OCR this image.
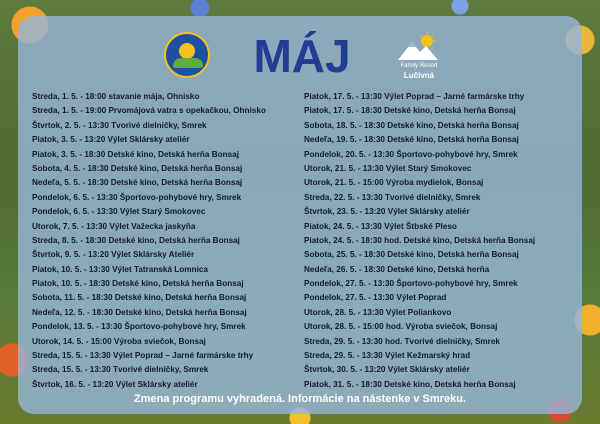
MÁJ	Family Resort
Lučivná
Streda, 1. 5. - 18:00 stavanie mája, Ohnisko
Streda, 1. 5. - 19:00 Prvomájová vatra s opekačkou, Ohnisko
Štvrtok, 2. 5. - 13:30 Tvorivé dielničky, Smrek
Piatok, 3. 5. - 13:20 Výlet Sklársky ateliér
Piatok, 3. 5. - 18:30 Detské kino, Detská herňa Bonsaj
Sobota, 4. 5. - 18:30 Detské kino, Detská herňa Bonsaj
Nedeľa, 5. 5. - 18:30 Detské kino, Detská herňa Bonsaj
Pondelok, 6. 5. - 13:30 Športovo-pohybové hry, Smrek
Pondelok, 6. 5. - 13:30 Výlet Starý Smokovec
Utorok, 7. 5. - 13:30 Výlet Važecka jaskyňa
Streda, 8. 5. - 18:30 Detské kino, Detská herňa Bonsaj
Štvrtok, 9. 5. - 13:20 Výlet Sklársky Ateliér
Piatok, 10. 5. - 13:30 Výlet Tatranská Lomnica
Piatok, 10. 5. - 18:30 Detské kino, Detská herňa Bonsaj
Sobota, 11. 5. - 18:30 Detské kino, Detská herňa Bonsaj
Nedeľa, 12. 5. - 18:30 Detské kino, Detská herňa Bonsaj
Pondelok, 13. 5. - 13:30 Športovo-pohybové hry, Smrek
Utorok, 14. 5. - 15:00 Výroba sviečok, Bonsaj
Streda, 15. 5. - 13:30 Výlet Poprad – Jarné farmárske trhy
Streda, 15. 5. - 13:30 Tvorivé dielničky, Smrek
Štvrtok, 16. 5. - 13:20 Výlet Sklársky ateliér
Piatok, 17. 5. - 13:30 Výlet Poprad – Jarné farmárske trhy
Piatok, 17. 5. - 18:30 Detské kino, Detská herňa Bonsaj
Sobota, 18. 5. - 18:30 Detské kino, Detská herňa Bonsaj
Nedeľa, 19. 5. - 18:30 Detské kino, Detská herňa Bonsaj
Pondelok, 20. 5. - 13:30 Športovo-pohybové hry, Smrek
Utorok, 21. 5. - 13:30 Výlet Starý Smokovec
Utorok, 21. 5. - 15:00 Výroba mydielok, Bonsaj
Streda, 22. 5. - 13:30 Tvorivé dielničky, Smrek
Štvrtok, 23. 5. - 13:20 Výlet Sklársky ateliér
Piatok, 24. 5. - 13:30 Výlet Štbské Pleso
Piatok, 24. 5. - 18:30 hod. Detské kino, Detská herňa Bonsaj
Sobota, 25. 5. - 18:30 Detské kino, Detská herňa Bonsaj
Nedeľa, 26. 5. - 18:30 Detské kino, Detská herňa
Pondelok, 27. 5. - 13:30 Športovo-pohybové hry, Smrek
Pondelok, 27. 5. - 13:30 Výlet Poprad
Utorok, 28. 5. - 13:30 Výlet Poliankovo
Utorok, 28. 5. - 15:00 hod. Výroba sviečok, Bonsaj
Streda, 29. 5. - 13:30 hod. Tvorivé dielničky, Smrek
Streda, 29. 5. - 13:30 Výlet Kežmarský hrad
Štvrtok, 30. 5. - 13:20 Výlet Sklársky ateliér
Piatok, 31. 5. - 18:30 Detské kino, Detská herňa Bonsaj
Zmena programu vyhradená. Informácie na nástenke v Smreku.
